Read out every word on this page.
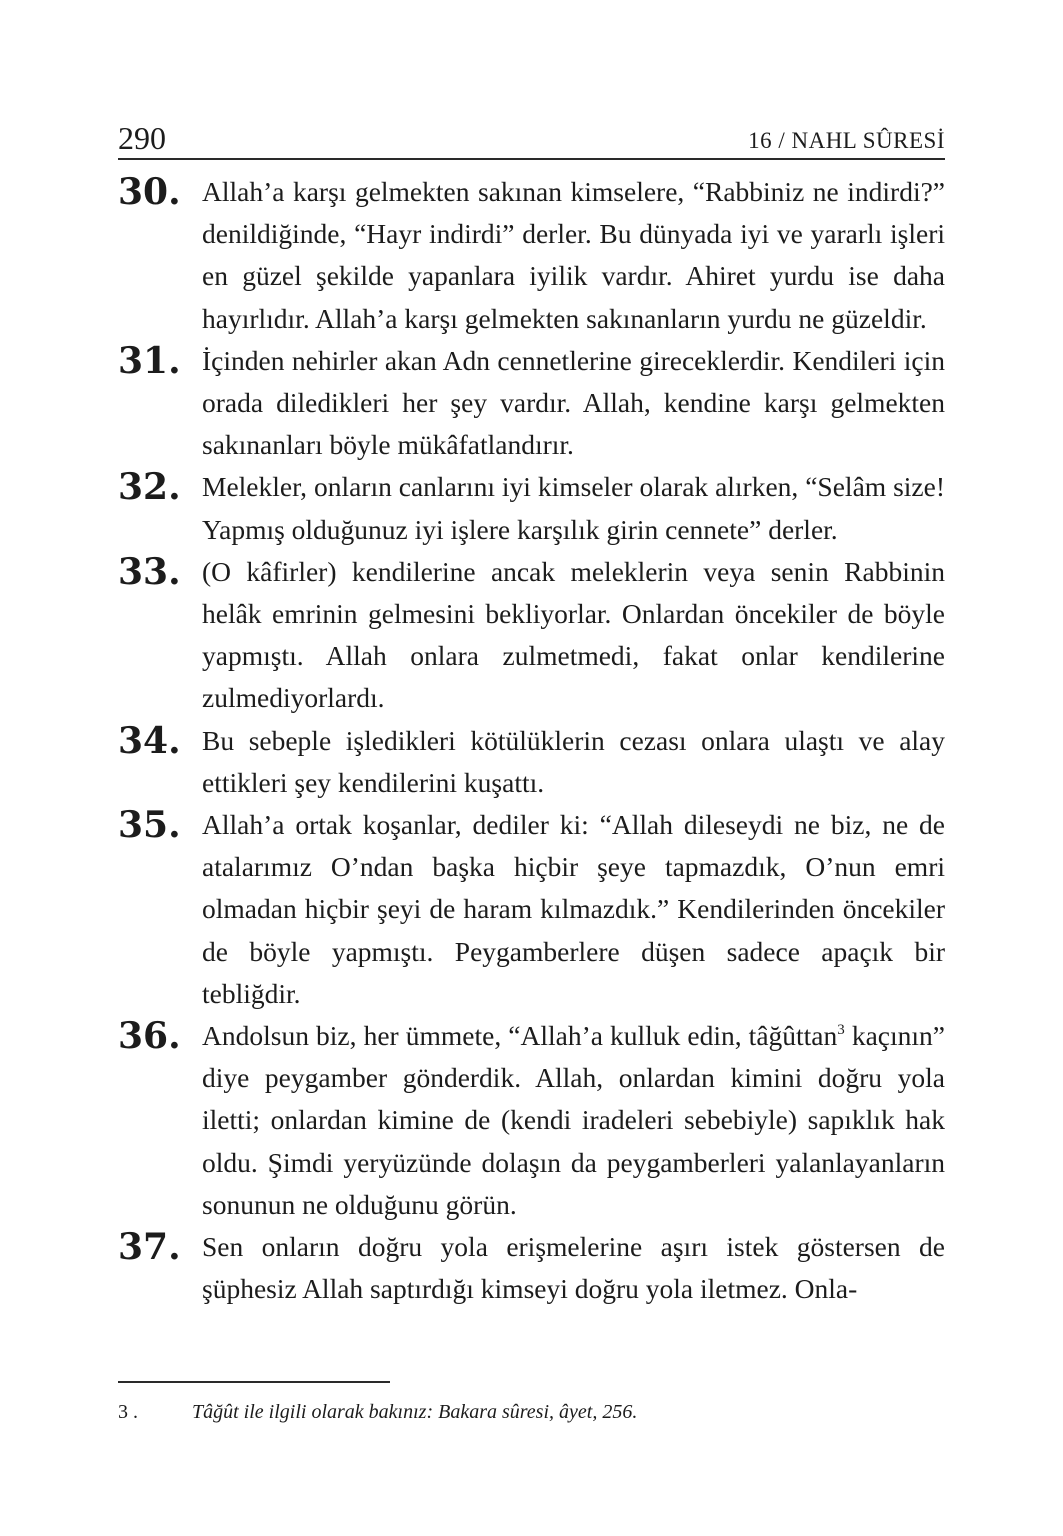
290	16 / NAHL SÛRESİ
30. Allah’a karşı gelmekten sakınan kimselere, “Rabbiniz ne indirdi?” denildiğinde, “Hayr indirdi” derler. Bu dünyada iyi ve yararlı işleri en güzel şekilde yapanlara iyilik vardır. Ahiret yurdu ise daha hayırlıdır. Allah’a karşı gelmekten sakınanların yurdu ne güzeldir.
31. İçinden nehirler akan Adn cennetlerine gireceklerdir. Kendileri için orada diledikleri her şey vardır. Allah, kendine karşı gelmekten sakınanları böyle mükâfatlandırır.
32. Melekler, onların canlarını iyi kimseler olarak alırken, “Selâm size! Yapmış olduğunuz iyi işlere karşılık girin cennete” derler.
33. (O kâfirler) kendilerine ancak meleklerin veya senin Rabbinin helâk emrinin gelmesini bekliyorlar. Onlardan öncekiler de böyle yapmıştı. Allah onlara zulmetmedi, fakat onlar kendilerine zulmediyorlardı.
34. Bu sebeple işledikleri kötülüklerin cezası onlara ulaştı ve alay ettikleri şey kendilerini kuşattı.
35. Allah’a ortak koşanlar, dediler ki: “Allah dileseydi ne biz, ne de atalarımız O’ndan başka hiçbir şeye tapmazdık, O’nun emri olmadan hiçbir şeyi de haram kılmazdık.” Kendilerinden öncekiler de böyle yapmıştı. Peygamberlere düşen sadece apaçık bir tebliğdir.
36. Andolsun biz, her ümmete, “Allah’a kulluk edin, tâğûttan$^3$ kaçının” diye peygamber gönderdik. Allah, onlardan kimini doğru yola iletti; onlardan kimine de (kendi iradeleri sebebiyle) sapıklık hak oldu. Şimdi yeryüzünde dolaşın da peygamberleri yalanlayanların sonunun ne olduğunu görün.
37. Sen onların doğru yola erişmelerine aşırı istek göstersen de şüphesiz Allah saptırdığı kimseyi doğru yola iletmez. Onla-
3 .	Tâğût ile ilgili olarak bakınız: Bakara sûresi, âyet, 256.
